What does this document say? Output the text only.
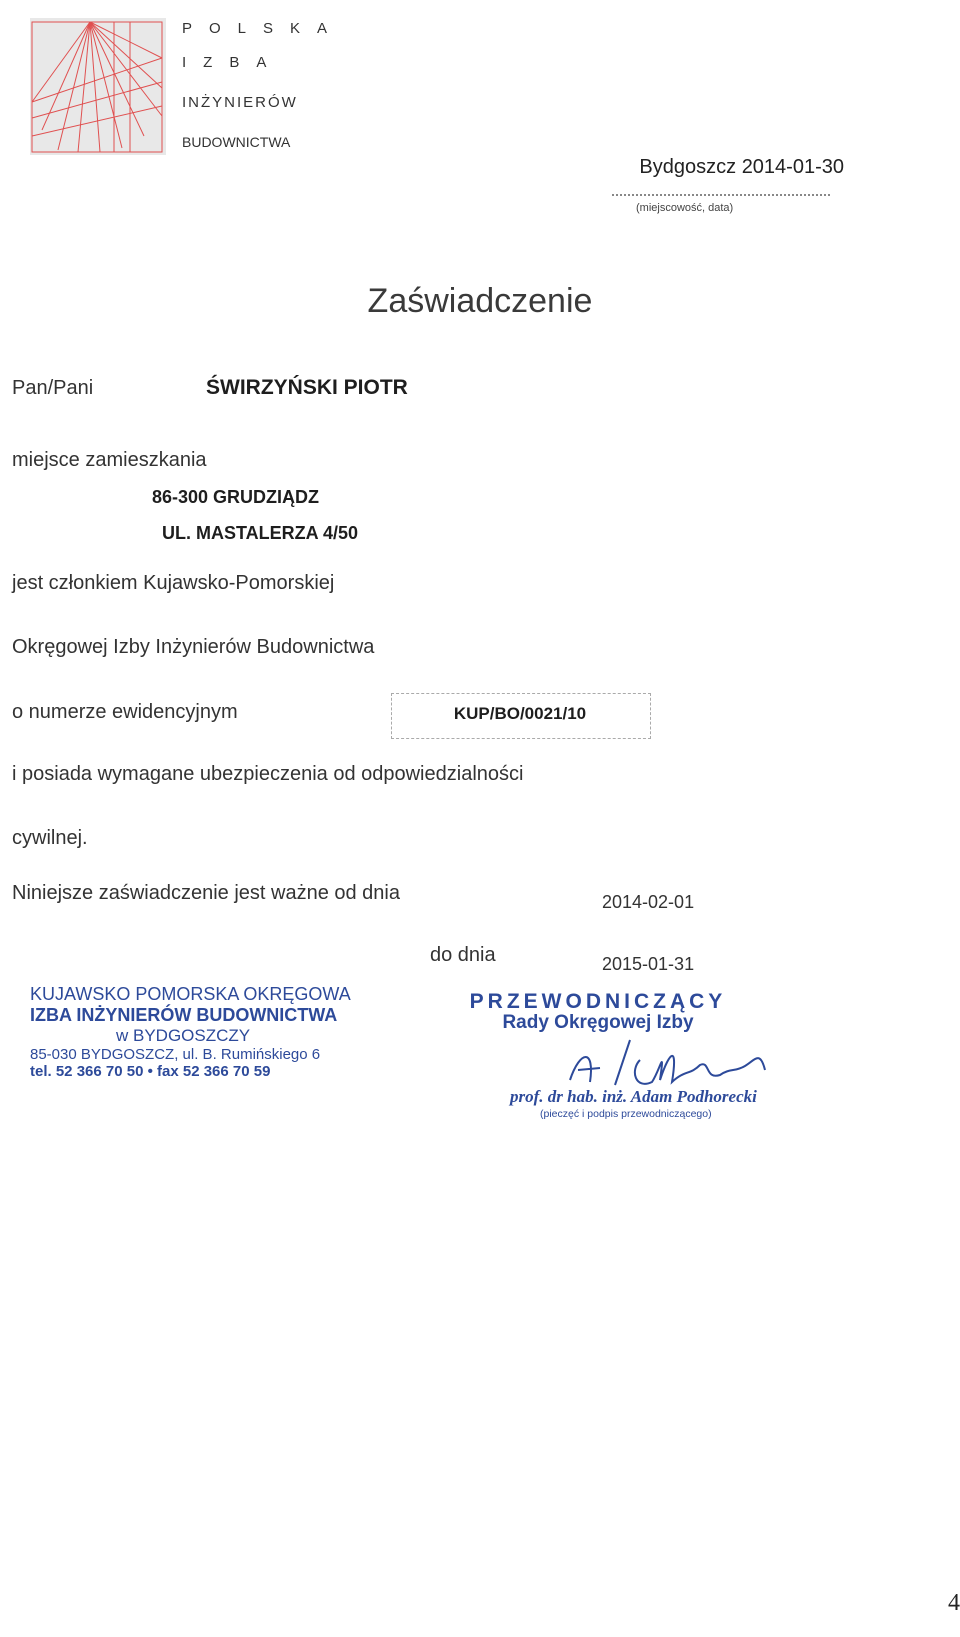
POLSKA
IZBA
INŻYNIERÓW
BUDOWNICTWA
Bydgoszcz 2014-01-30
(miejscowość, data)
Zaświadczenie
Pan/Pani	ŚWIRZYŃSKI PIOTR
miejsce zamieszkania
86-300 GRUDZIĄDZ
UL. MASTALERZA 4/50
jest członkiem Kujawsko-Pomorskiej
Okręgowej Izby Inżynierów Budownictwa
o numerze ewidencyjnym	KUP/BO/0021/10
i posiada wymagane ubezpieczenia od odpowiedzialności
cywilnej.
Niniejsze zaświadczenie jest ważne od dnia	2014-02-01
do dnia	2015-01-31
KUJAWSKO POMORSKA OKRĘGOWA
IZBA INŻYNIERÓW BUDOWNICTWA
w BYDGOSZCZY
85-030 BYDGOSZCZ, ul. B. Rumińskiego 6
tel. 52 366 70 50 • fax 52 366 70 59
PRZEWODNICZĄCY
Rady Okręgowej Izby
prof. dr hab. inż. Adam Podhorecki
(pieczęć i podpis przewodniczącego)
4
